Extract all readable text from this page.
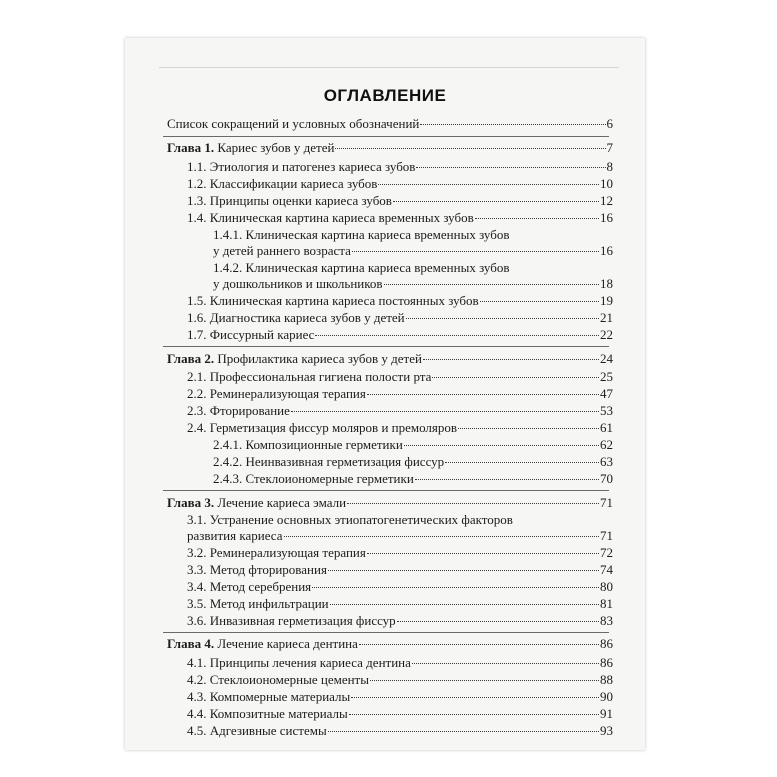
ОГЛАВЛЕНИЕ
Список сокращений и условных обозначений	6
Глава 1. Кариес зубов у детей	7
1.1. Этиология и патогенез кариеса зубов	8
1.2. Классификации кариеса зубов	10
1.3. Принципы оценки кариеса зубов	12
1.4. Клиническая картина кариеса временных зубов	16
1.4.1. Клиническая картина кариеса временных зубов
у детей раннего возраста	16
1.4.2. Клиническая картина кариеса временных зубов
у дошкольников и школьников	18
1.5. Клиническая картина кариеса постоянных зубов	19
1.6. Диагностика кариеса зубов у детей	21
1.7. Фиссурный кариес	22
Глава 2. Профилактика кариеса зубов у детей	24
2.1. Профессиональная гигиена полости рта	25
2.2. Реминерализующая терапия	47
2.3. Фторирование	53
2.4. Герметизация фиссур моляров и премоляров	61
2.4.1. Композиционные герметики	62
2.4.2. Неинвазивная герметизация фиссур	63
2.4.3. Стеклоиономерные герметики	70
Глава 3. Лечение кариеса эмали	71
3.1. Устранение основных этиопатогенетических факторов
развития кариеса	71
3.2. Реминерализующая терапия	72
3.3. Метод фторирования	74
3.4. Метод серебрения	80
3.5. Метод инфильтрации	81
3.6. Инвазивная герметизация фиссур	83
Глава 4. Лечение кариеса дентина	86
4.1. Принципы лечения кариеса дентина	86
4.2. Стеклоиономерные цементы	88
4.3. Компомерные материалы	90
4.4. Композитные материалы	91
4.5. Адгезивные системы	93
